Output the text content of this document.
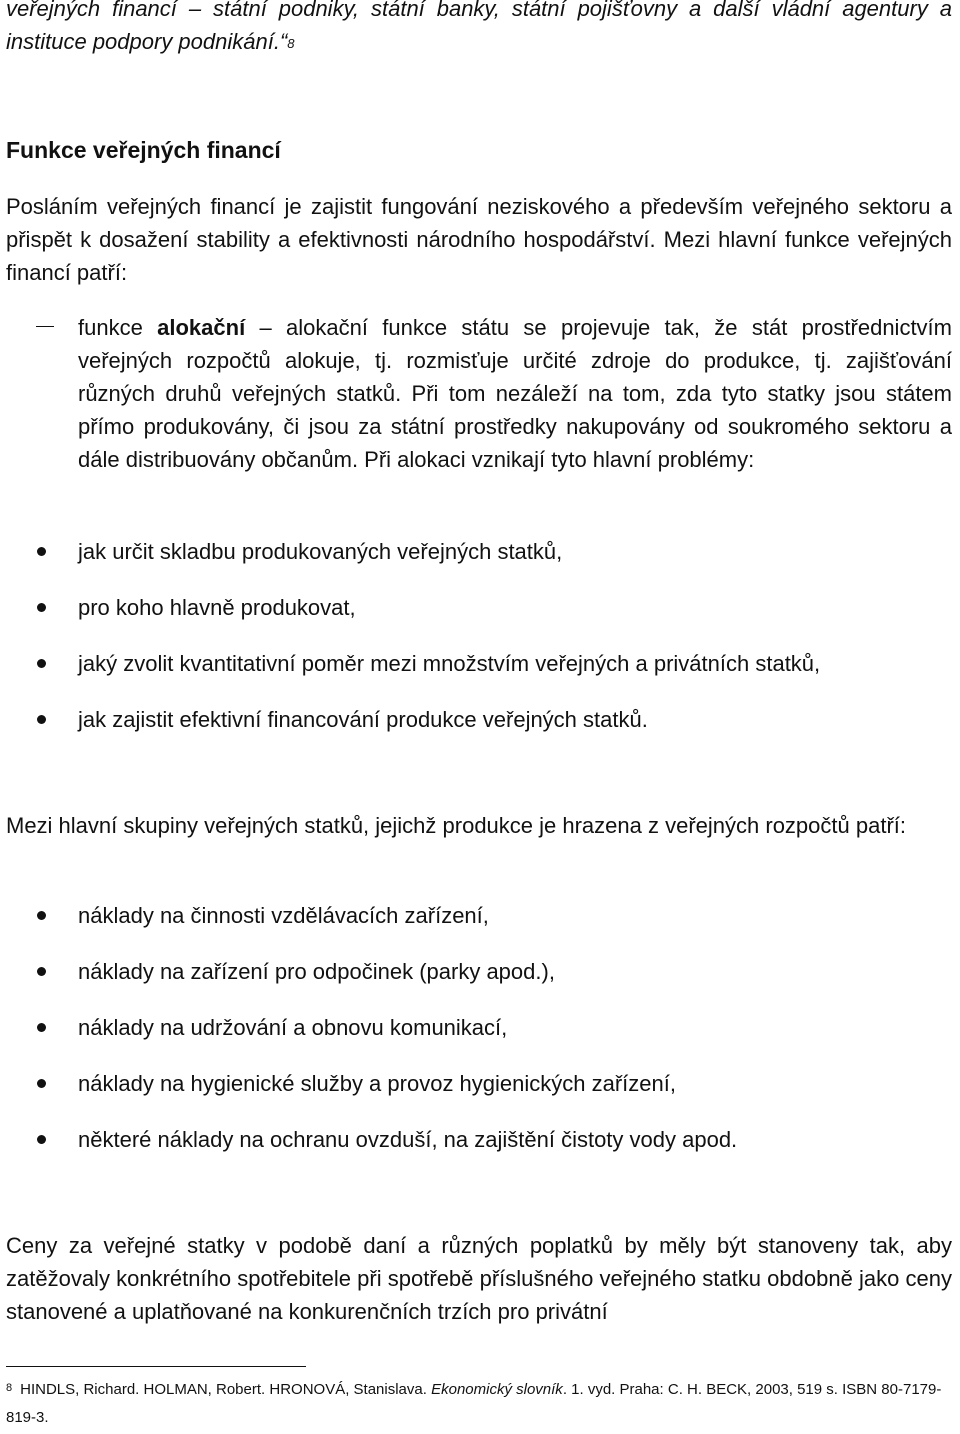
veřejných financí – státní podniky, státní banky, státní pojišťovny a další vládní agentury a instituce podpory podnikání.“$^8$

Funkce veřejných financí

Posláním veřejných financí je zajistit fungování neziskového a především veřejného sektoru a přispět k dosažení stability a efektivnosti národního hospodářství. Mezi hlavní funkce veřejných financí patří:

funkce alokační – alokační funkce státu se projevuje tak, že stát prostřednictvím veřejných rozpočtů alokuje, tj. rozmisťuje určité zdroje do produkce, tj. zajišťování různých druhů veřejných statků. Při tom nezáleží na tom, zda tyto statky jsou státem přímo produkovány, či jsou za státní prostředky nakupovány od soukromého sektoru a dále distribuovány občanům. Při alokaci vznikají tyto hlavní problémy:

jak určit skladbu produkovaných veřejných statků,

pro koho hlavně produkovat,

jaký zvolit kvantitativní poměr mezi množstvím veřejných a privátních statků,

jak zajistit efektivní financování produkce veřejných statků.

Mezi hlavní skupiny veřejných statků, jejichž produkce je hrazena z veřejných rozpočtů patří:

náklady na činnosti vzdělávacích zařízení,

náklady na zařízení pro odpočinek (parky apod.),

náklady na udržování a obnovu komunikací,

náklady na hygienické služby a provoz hygienických zařízení,

některé náklady na ochranu ovzduší, na zajištění čistoty vody apod.

Ceny za veřejné statky v podobě daní a různých poplatků by měly být stanoveny tak, aby zatěžovaly konkrétního spotřebitele při spotřebě příslušného veřejného statku obdobně jako ceny stanovené a uplatňované na konkurenčních trzích pro privátní

$^8$ HINDLS, Richard. HOLMAN, Robert. HRONOVÁ, Stanislava. Ekonomický slovník. 1. vyd. Praha: C. H. BECK, 2003, 519 s. ISBN 80-7179-819-3.
